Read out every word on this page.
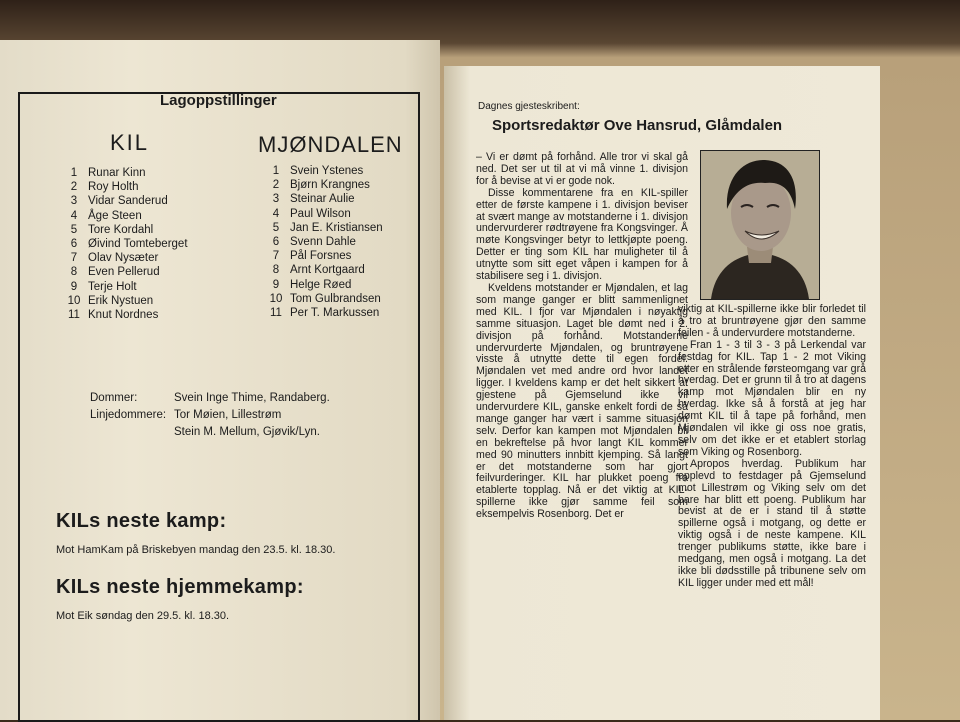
Lagoppstillinger
KIL	MJØNDALEN
1 Runar Kinn
2 Roy Holth
3 Vidar Sanderud
4 Åge Steen
5 Tore Kordahl
6 Øivind Tomteberget
7 Olav Nysæter
8 Even Pellerud
9 Terje Holt
10 Erik Nystuen
11 Knut Nordnes
1 Svein Ystenes
2 Bjørn Krangnes
3 Steinar Aulie
4 Paul Wilson
5 Jan E. Kristiansen
6 Svenn Dahle
7 Pål Forsnes
8 Arnt Kortgaard
9 Helge Røed
10 Tom Gulbrandsen
11 Per T. Markussen
Dommer:	Svein Inge Thime, Randaberg.
Linjedommere: Tor Møien, Lillestrøm
Stein M. Mellum, Gjøvik/Lyn.
KILs neste kamp:
Mot HamKam på Briskebyen mandag den 23.5. kl. 18.30.
KILs neste hjemmekamp:
Mot Eik søndag den 29.5. kl. 18.30.
Dagnes gjesteskribent:
Sportsredaktør Ove Hansrud, Glåmdalen

– Vi er dømt på forhånd. Alle tror vi skal gå ned. Det ser ut til at vi må vinne 1. divisjon for å bevise at vi er gode nok.

Disse kommentarene fra en KIL-spiller etter de første kampene i 1. divisjon beviser at svært mange av motstanderne i 1. divisjon undervurderer rødtrøyene fra Kongsvinger. Å møte Kongsvinger betyr to lettkjøpte poeng. Detter er ting som KIL har muligheter til å utnytte som sitt eget våpen i kampen for å stabilisere seg i 1. divisjon.

Kveldens motstander er Mjøndalen, et lag som mange ganger er blitt sammenlignet med KIL. I fjor var Mjøndalen i nøyaktig samme situasjon. Laget ble dømt ned i 2. divisjon på forhånd. Motstanderne undervurderte Mjøndalen, og bruntrøyene visste å utnytte dette til egen fordel. Mjøndalen vet med andre ord hvor landet ligger. I kveldens kamp er det helt sikkert at gjestene på Gjemselund ikke vil undervurdere KIL, ganske enkelt fordi de så mange ganger har vært i samme situasjon selv. Derfor kan kampen mot Mjøndalen bli en bekreftelse på hvor langt KIL kommer med 90 minutters innbitt kjemping. Så langt er det motstanderne som har gjort feilvurderinger. KIL har plukket poeng fra etablerte topplag. Nå er det viktig at KIL-spillerne ikke gjør samme feil som eksempelvis Rosenborg. Det er

viktig at KIL-spillerne ikke blir forledet til å tro at bruntrøyene gjør den samme feilen - å undervurdere motstanderne.

Fran 1 - 3 til 3 - 3 på Lerkendal var festdag for KIL. Tap 1 - 2 mot Viking etter en strålende førsteomgang var grå hverdag. Det er grunn til å tro at dagens kamp mot Mjøndalen blir en ny hverdag. Ikke så å forstå at jeg har dømt KIL til å tape på forhånd, men Mjøndalen vil ikke gi oss noe gratis, selv om det ikke er et etablert storlag som Viking og Rosenborg.

Apropos hverdag. Publikum har opplevd to festdager på Gjemselund mot Lillestrøm og Viking selv om det bare har blitt ett poeng. Publikum har bevist at de er i stand til å støtte spillerne også i motgang, og dette er viktig også i de neste kampene. KIL trenger publikums støtte, ikke bare i medgang, men også i motgang. La det ikke bli dødsstille på tribunene selv om KIL ligger under med ett mål!
